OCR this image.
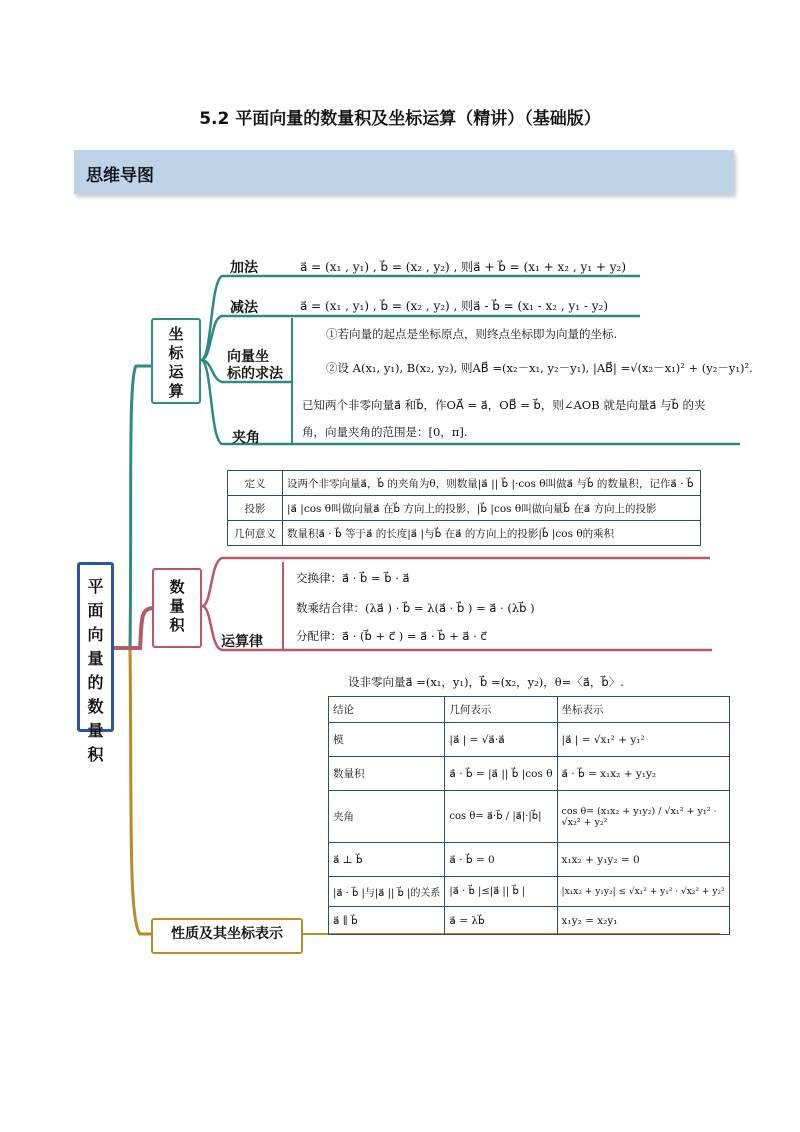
5.2 平面向量的数量积及坐标运算（精讲）（基础版）
思维导图
平
面
向
量
的
数
量
积
坐
标
运
算
加法	a⃗ = (x₁ , y₁) , b⃗ = (x₂ , y₂) , 则a⃗ + b⃗ = (x₁ + x₂ , y₁ + y₂)
减法	a⃗ = (x₁ , y₁) , b⃗ = (x₂ , y₂) , 则a⃗ - b⃗ = (x₁ - x₂ , y₁ - y₂)
向量坐
标的求法
①若向量的起点是坐标原点，则终点坐标即为向量的坐标.
②设 A(x₁, y₁), B(x₂, y₂), 则AB⃗ =(x₂－x₁, y₂－y₁), |AB⃗| =√(x₂－x₁)² + (y₂－y₁)².
夹角
已知两个非零向量a⃗ 和b⃗，作OA⃗ = a⃗，OB⃗ = b⃗，则∠AOB 就是向量a⃗ 与b⃗ 的夹
角，向量夹角的范围是：[0，π].
数
量
积
定义	设两个非零向量a⃗，b⃗ 的夹角为θ，则数量|a⃗ || b⃗ |·cos θ叫做a⃗ 与b⃗ 的数量积，记作a⃗ · b⃗
投影	|a⃗ |cos θ叫做向量a⃗ 在b⃗ 方向上的投影，|b⃗ |cos θ叫做向量b⃗ 在a⃗ 方向上的投影
几何意义	数量积a⃗ · b⃗ 等于a⃗ 的长度|a⃗ |与b⃗ 在a⃗ 的方向上的投影|b⃗ |cos θ的乘积
运算律
交换律：a⃗ · b⃗ = b⃗ · a⃗
数乘结合律：(λa⃗ ) · b⃗ = λ(a⃗ · b⃗ ) = a⃗ · (λb⃗ )
分配律：a⃗ · (b⃗ + c⃗ ) = a⃗ · b⃗ + a⃗ · c⃗
设非零向量a⃗ =(x₁，y₁)，b⃗ =(x₂，y₂)，θ=〈a⃗，b⃗〉.
结论	几何表示	坐标表示
模	|a⃗ | = √a⃗·a⃗	|a⃗ | = √x₁² + y₁²
数量积	a⃗ · b⃗ = |a⃗ || b⃗ |cos θ	a⃗ · b⃗ = x₁x₂ + y₁y₂
夹角	cos θ= a⃗·b⃗ / |a⃗|·|b⃗|	cos θ= (x₁x₂ + y₁y₂) / √x₁² + y₁² · √x₂² + y₂²
a⃗ ⊥ b⃗	a⃗ · b⃗ = 0	x₁x₂ + y₁y₂ = 0
|a⃗ · b⃗ |与|a⃗ || b⃗ |的关系	|a⃗ · b⃗ |≤|a⃗ || b⃗ |	|x₁x₂ + y₁y₂| ≤ √x₁² + y₁² · √x₂² + y₂²
a⃗ ∥ b⃗	a⃗ = λb⃗	x₁y₂ = x₂y₁
性质及其坐标表示
